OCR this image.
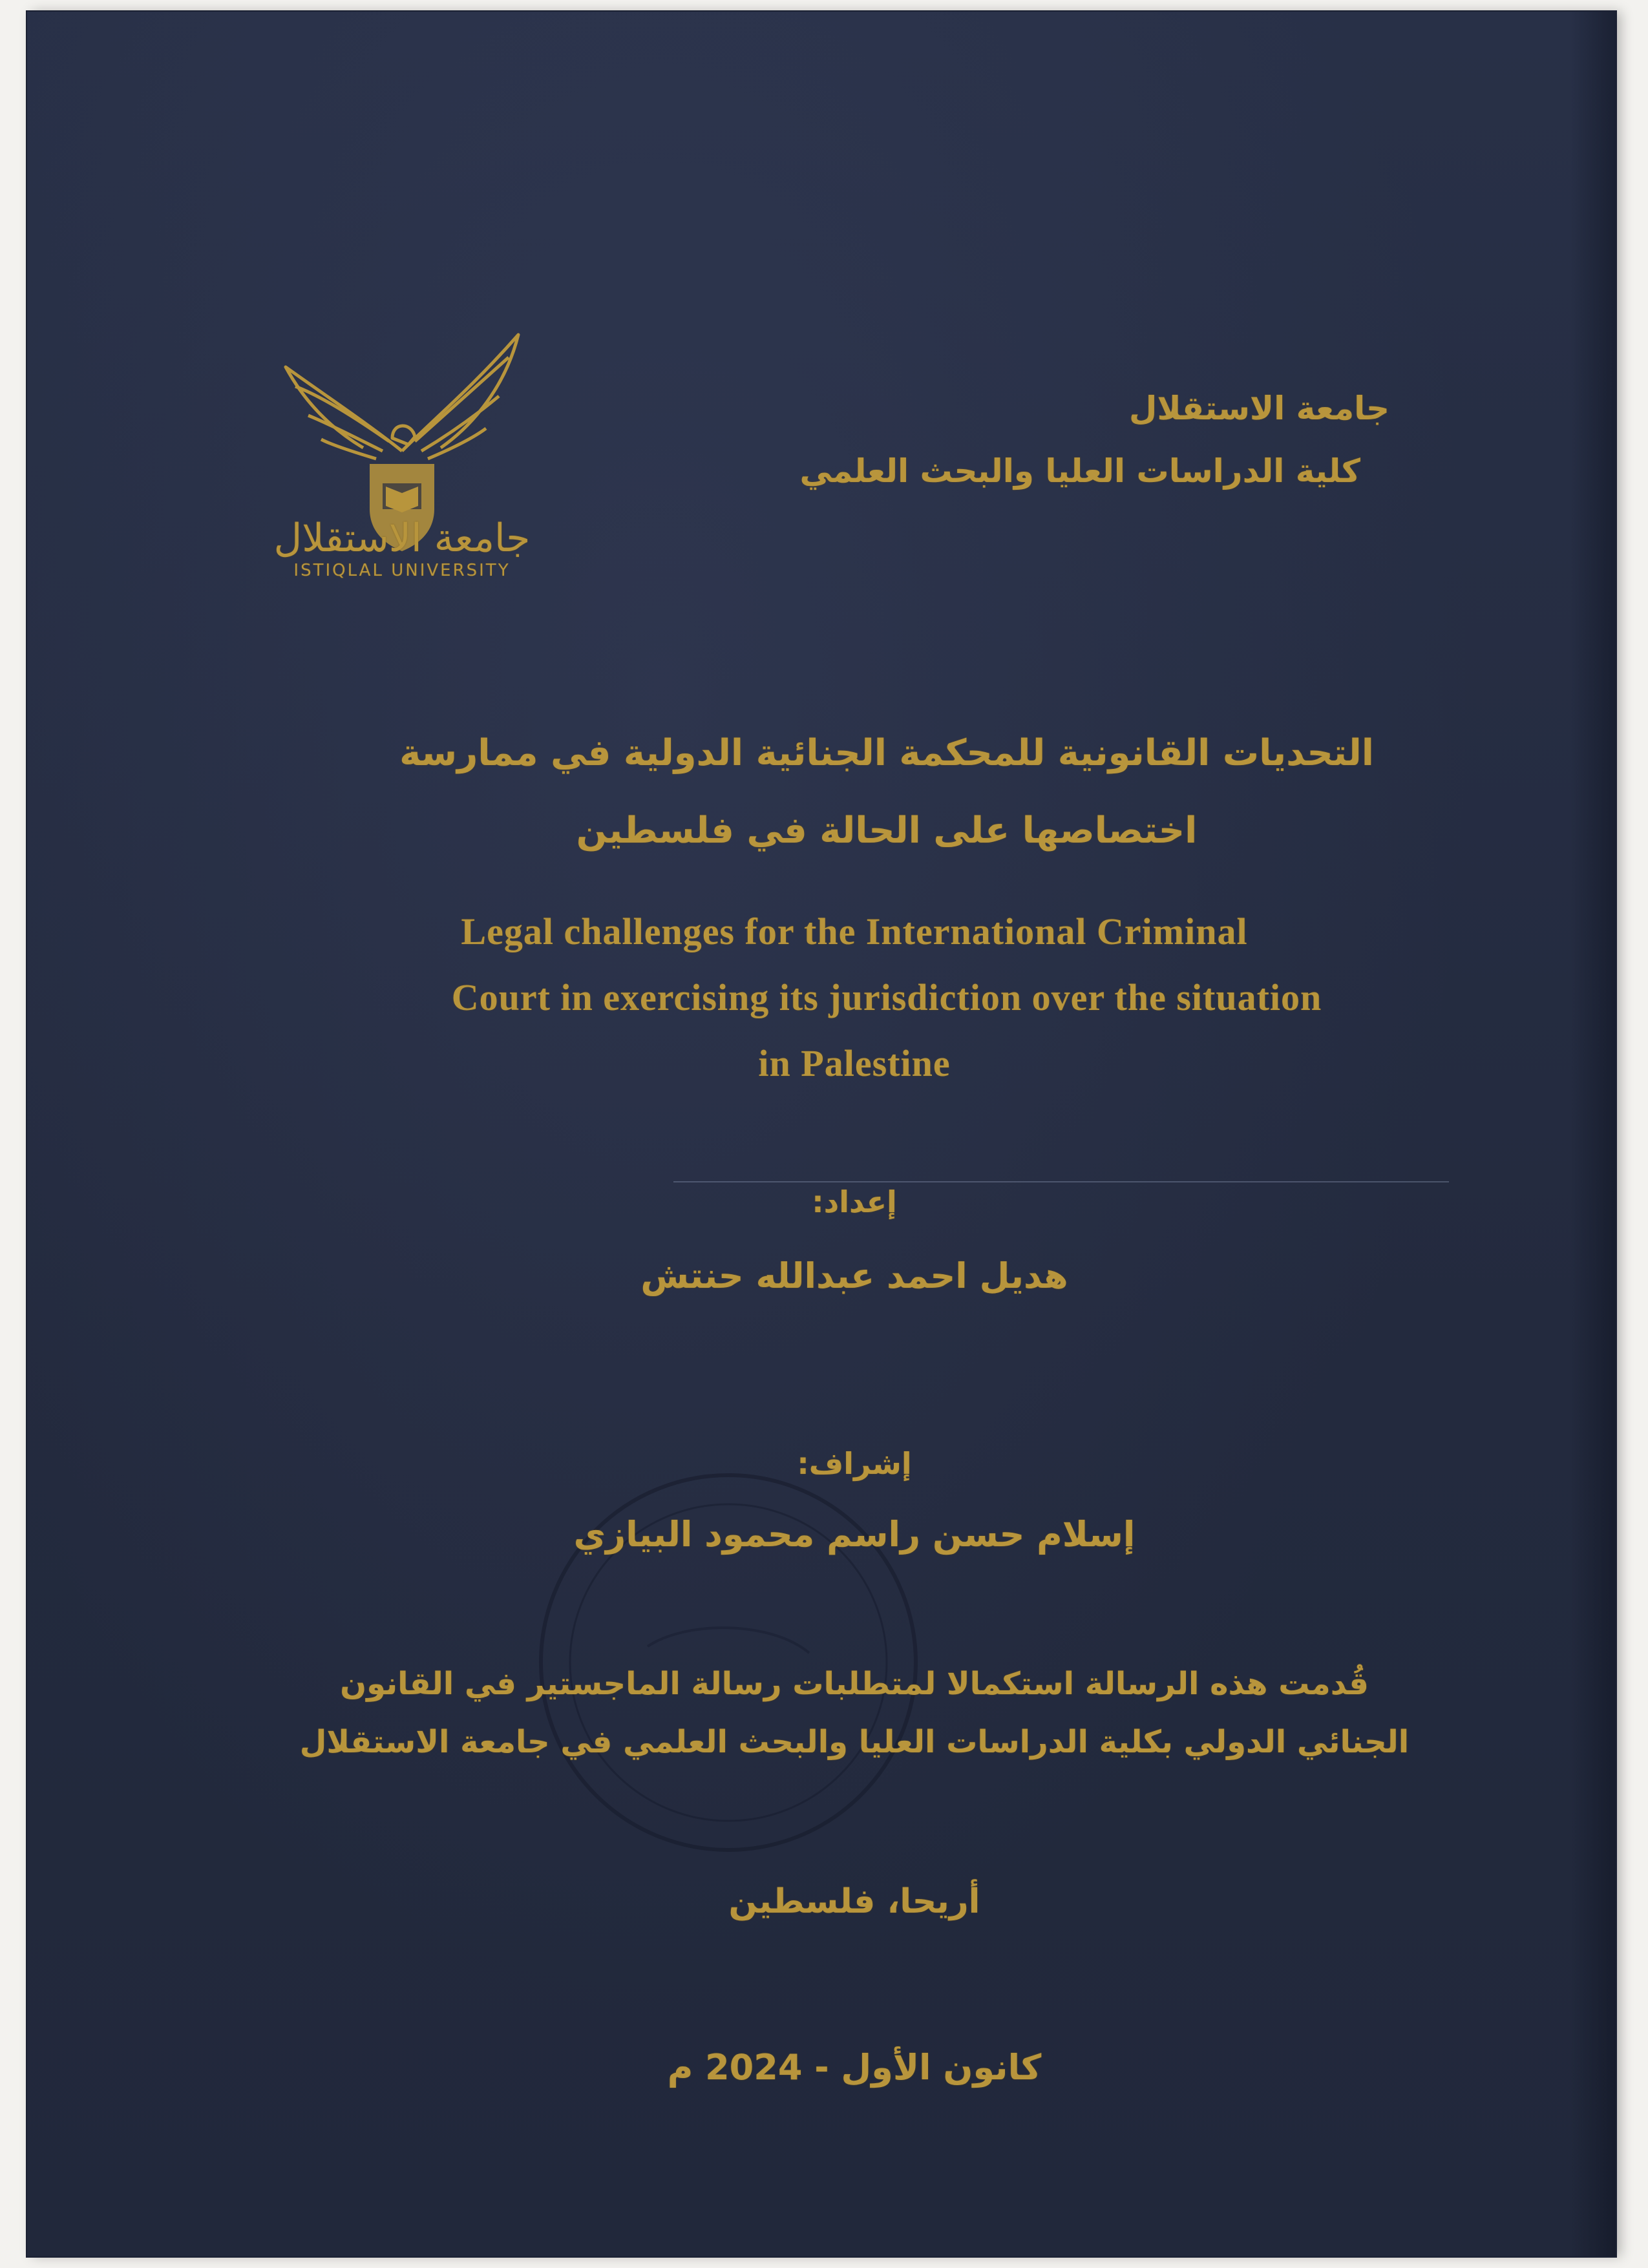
جامعة الاستقلال
ISTIQLAL UNIVERSITY
جامعة الاستقلال
كلية الدراسات العليا والبحث العلمي
التحديات القانونية للمحكمة الجنائية الدولية في ممارسة
اختصاصها على الحالة في فلسطين
Legal challenges for the International Criminal
Court in exercising its jurisdiction over the situation
in Palestine
إعداد:
هديل احمد عبدالله حنتش
إشراف:
إسلام حسن راسم محمود البيازي
قُدمت هذه الرسالة استكمالا لمتطلبات رسالة الماجستير في القانون
الجنائي الدولي بكلية الدراسات العليا والبحث العلمي في جامعة الاستقلال
أريحا، فلسطين
كانون الأول - 2024 م
